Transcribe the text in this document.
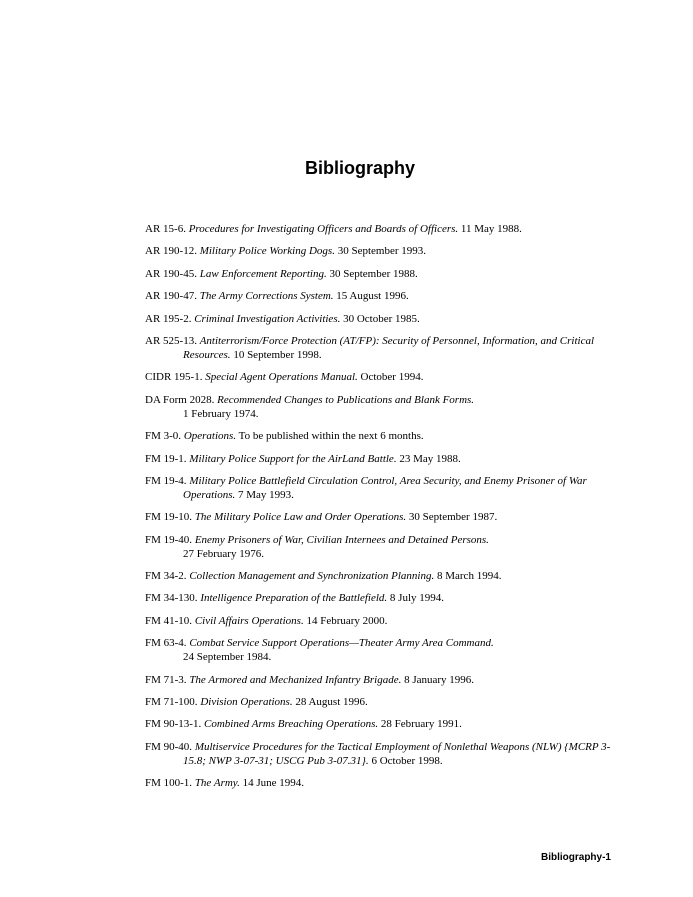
Bibliography
AR 15-6. Procedures for Investigating Officers and Boards of Officers. 11 May 1988.
AR 190-12. Military Police Working Dogs. 30 September 1993.
AR 190-45. Law Enforcement Reporting. 30 September 1988.
AR 190-47. The Army Corrections System. 15 August 1996.
AR 195-2. Criminal Investigation Activities. 30 October 1985.
AR 525-13. Antiterrorism/Force Protection (AT/FP): Security of Personnel, Information, and Critical Resources. 10 September 1998.
CIDR 195-1. Special Agent Operations Manual. October 1994.
DA Form 2028. Recommended Changes to Publications and Blank Forms.
1 February 1974.
FM 3-0. Operations. To be published within the next 6 months.
FM 19-1. Military Police Support for the AirLand Battle. 23 May 1988.
FM 19-4. Military Police Battlefield Circulation Control, Area Security, and Enemy Prisoner of War Operations. 7 May 1993.
FM 19-10. The Military Police Law and Order Operations. 30 September 1987.
FM 19-40. Enemy Prisoners of War, Civilian Internees and Detained Persons.
27 February 1976.
FM 34-2. Collection Management and Synchronization Planning. 8 March 1994.
FM 34-130. Intelligence Preparation of the Battlefield. 8 July 1994.
FM 41-10. Civil Affairs Operations. 14 February 2000.
FM 63-4. Combat Service Support Operations—Theater Army Area Command.
24 September 1984.
FM 71-3. The Armored and Mechanized Infantry Brigade. 8 January 1996.
FM 71-100. Division Operations. 28 August 1996.
FM 90-13-1. Combined Arms Breaching Operations. 28 February 1991.
FM 90-40. Multiservice Procedures for the Tactical Employment of Nonlethal Weapons (NLW) {MCRP 3-15.8; NWP 3-07-31; USCG Pub 3-07.31}. 6 October 1998.
FM 100-1. The Army. 14 June 1994.
Bibliography-1
